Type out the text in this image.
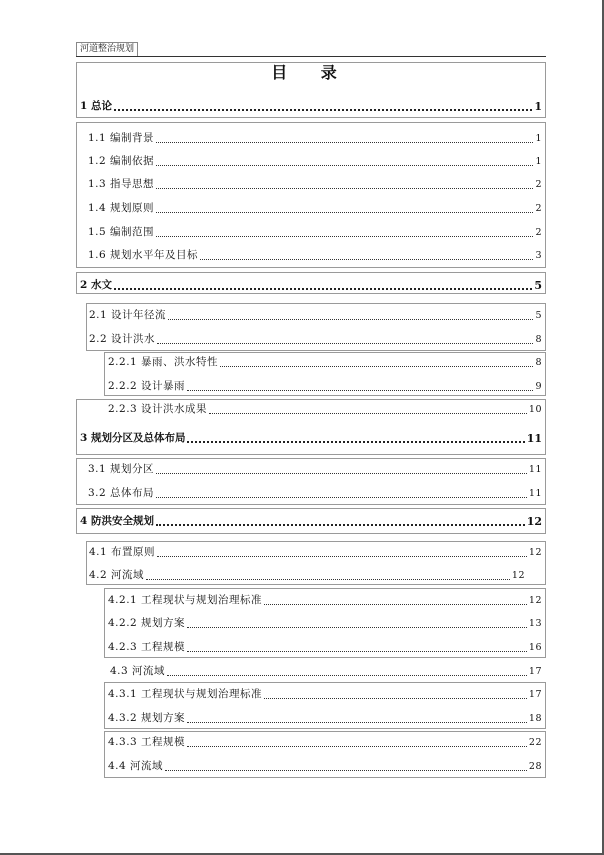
河道整治规划
目 录
1 总论	1
1.1 编制背景	1
1.2 编制依据	1
1.3 指导思想	2
1.4 规划原则	2
1.5 编制范围	2
1.6 规划水平年及目标	3
2 水文	5
2.1 设计年径流	5
2.2 设计洪水	8
2.2.1 暴雨、洪水特性	8
2.2.2 设计暴雨	9
2.2.3 设计洪水成果	10
3 规划分区及总体布局	11
3.1 规划分区	11
3.2 总体布局	11
4 防洪安全规划	12
4.1 布置原则	12
4.2 河流域	12
4.2.1 工程现状与规划治理标准	12
4.2.2 规划方案	13
4.2.3 工程规模	16
4.3 河流域	17
4.3.1 工程现状与规划治理标准	17
4.3.2 规划方案	18
4.3.3 工程规模	22
4.4 河流域	28
